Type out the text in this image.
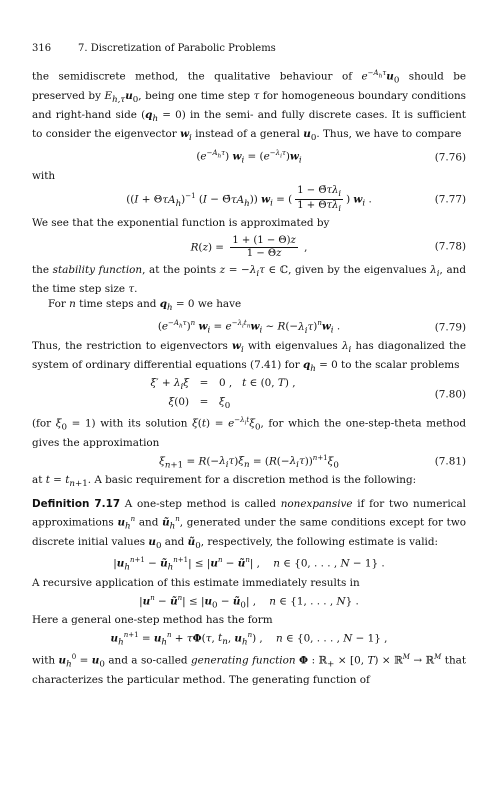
316	7. Discretization of Parabolic Problems

the semidiscrete method, the qualitative behaviour of $e^{-A_h\tau}u_0$ should be preserved by $E_{h,\tau}u_0$, being one time step τ for homogeneous boundary conditions and right-hand side $(q_h = 0)$ in the semi- and fully discrete cases. It is sufficient to consider the eigenvector $w_i$ instead of a general $u_0$. Thus, we have to compare

$(e^{-A_h\tau}) w_i = (e^{-\lambda_i\tau})w_i$	(7.76)

with

($(I + \Theta\tau A_h)^{-1}$ $(I - \Thetā\tau A_h)$) $w_i$ = ( $\frac{1 - \Thetā\tau\lambda_i}{1 + \Theta\tau\lambda_i}$ ) $w_i$ .	(7.77)

We see that the exponential function is approximated by

$R(z) = \frac{1 + (1 - \Theta)z}{1 - \Theta z}$ ,	(7.78)

the stability function, at the points $z = -\lambda_i\tau$ ∈ ℂ, given by the eigenvalues $\lambda_i$, and the time step size τ.

For n time steps and $q_h = 0$ we have

$(e^{-A_h\tau})^n$ $w_i = e^{-\lambda_it_n}w_i$ ∼ $R(-\lambda_i\tau)^nw_i$ .	(7.79)

Thus, the restriction to eigenvectors $w_i$ with eigenvalues $\lambda_i$ has diagonalized the system of ordinary differential equations (7.41) for $q_h = 0$ to the scalar problems

$\xi' + \lambda_i\xi = 0$ ,   t ∈ (0, T) ,
$\xi(0) = \xi_0$
(7.80)

(for $\xi_0 = 1$) with its solution $\xi(t) = e^{-\lambda_it}\xi_0$, for which the one-step-theta method gives the approximation

$\xi_{n+1} = R(-\lambda_i\tau)\xi_n = (R(-\lambda_i\tau))^{n+1}\xi_0$	(7.81)

at $t = t_{n+1}$. A basic requirement for a discretion method is the following:

Definition 7.17 A one-step method is called nonexpansive if for two numerical approximations $u_h^n$ and $ũ_h^n$, generated under the same conditions except for two discrete initial values $u_0$ and $ũ_0$, respectively, the following estimate is valid:

$|u_h^{n+1}$ − $ũ_h^{n+1}| \le |u^n$ − $ũ^n|$ ,    n ∈ {0, . . . , N − 1} .

A recursive application of this estimate immediately results in

$|u^n$ − $ũ^n| \le |u_0$ − $ũ_0|$ ,    n ∈ {1, . . . , N} .

Here a general one-step method has the form

$u_h^{n+1} = u_h^n + \tau\Phi(\tau$, $t_n$, $u_h^n$) ,    n ∈ {0, . . . , N − 1} ,

with $u_h^0 = u_0$ and a so-called generating function Φ : ℝ$_+$ × [0, T) × ℝ$^M$ → ℝ$^M$ that characterizes the particular method. The generating function of
